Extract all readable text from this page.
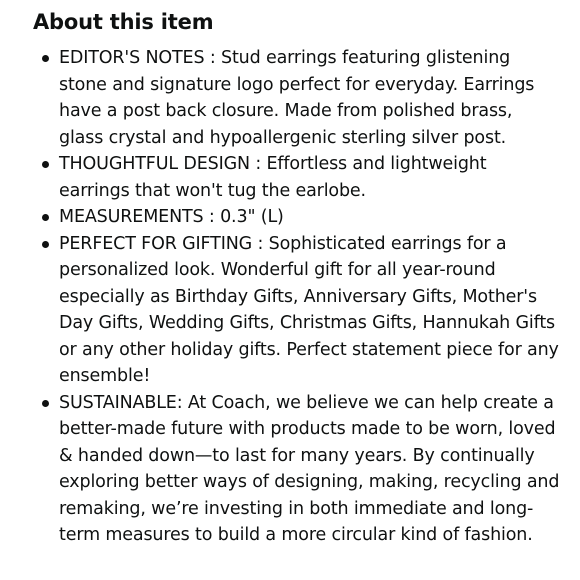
About this item
EDITOR'S NOTES : Stud earrings featuring glistening stone and signature logo perfect for everyday. Earrings have a post back closure. Made from polished brass, glass crystal and hypoallergenic sterling silver post.
THOUGHTFUL DESIGN : Effortless and lightweight earrings that won't tug the earlobe.
MEASUREMENTS : 0.3" (L)
PERFECT FOR GIFTING : Sophisticated earrings for a personalized look. Wonderful gift for all year-round especially as Birthday Gifts, Anniversary Gifts, Mother's Day Gifts, Wedding Gifts, Christmas Gifts, Hannukah Gifts or any other holiday gifts. Perfect statement piece for any ensemble!
SUSTAINABLE: At Coach, we believe we can help create a better-made future with products made to be worn, loved & handed down—to last for many years. By continually exploring better ways of designing, making, recycling and remaking, we’re investing in both immediate and long-term measures to build a more circular kind of fashion.
